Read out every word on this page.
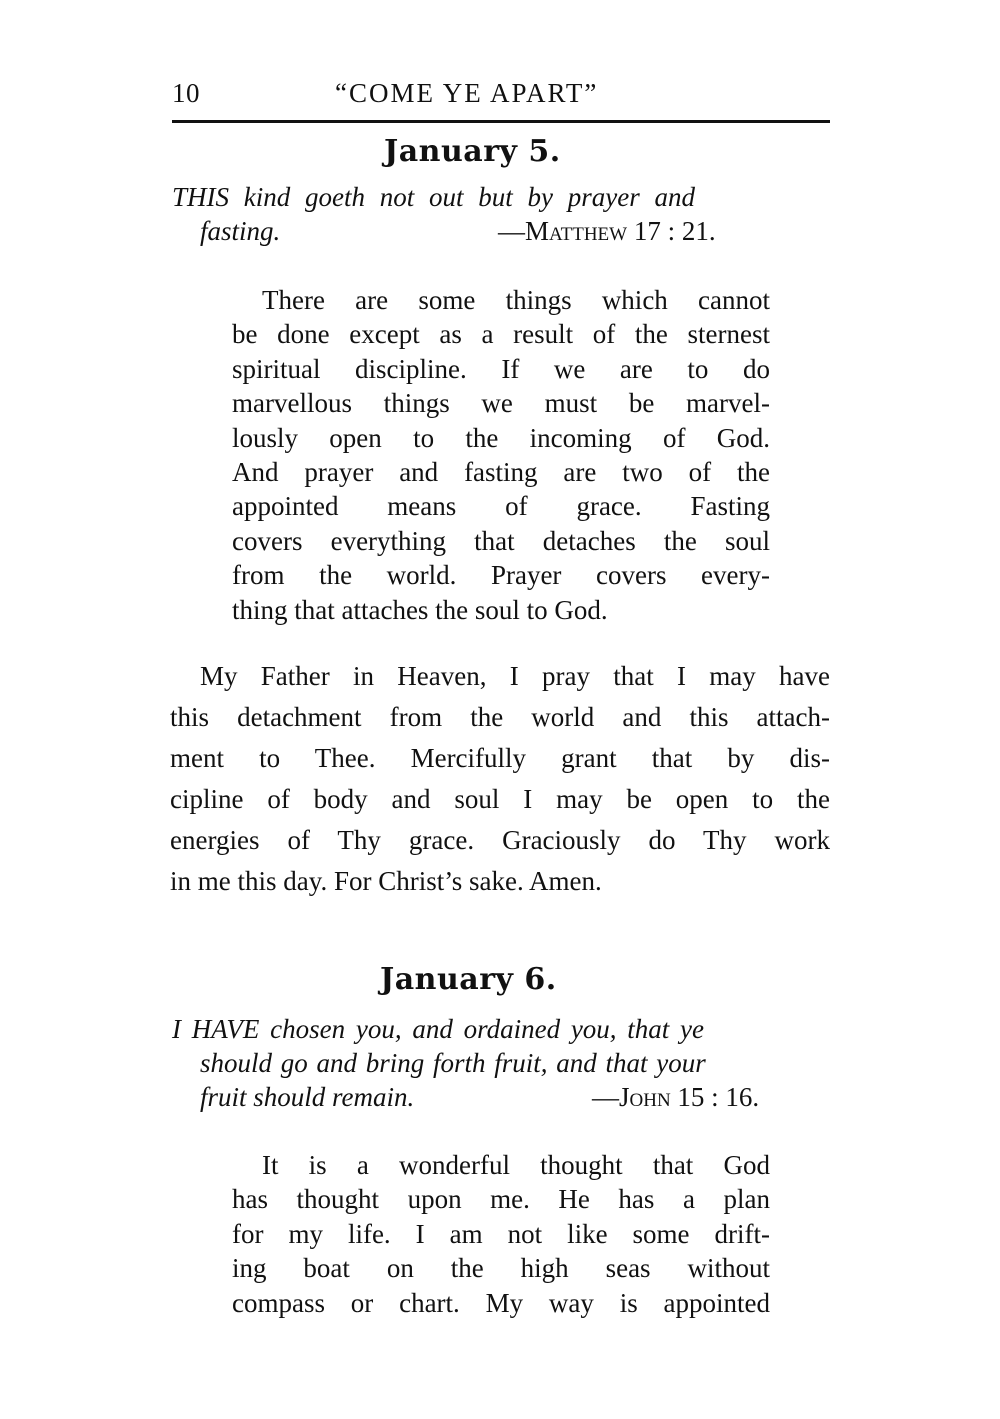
10	“COME YE APART”
January 5.
THIS kind goeth not out but by prayer and
fasting.	—Matthew 17 : 21.
There are some things which cannot
be done except as a result of the sternest
spiritual discipline. If we are to do
marvellous things we must be marvel-
lously open to the incoming of God.
And prayer and fasting are two of the
appointed means of grace. Fasting
covers everything that detaches the soul
from the world. Prayer covers every-
thing that attaches the soul to God.
My Father in Heaven, I pray that I may have
this detachment from the world and this attach-
ment to Thee. Mercifully grant that by dis-
cipline of body and soul I may be open to the
energies of Thy grace. Graciously do Thy work
in me this day. For Christ’s sake. Amen.
January 6.
I HAVE chosen you, and ordained you, that ye
should go and bring forth fruit, and that your
fruit should remain.	—John 15 : 16.
It is a wonderful thought that God
has thought upon me. He has a plan
for my life. I am not like some drift-
ing boat on the high seas without
compass or chart. My way is appointed
